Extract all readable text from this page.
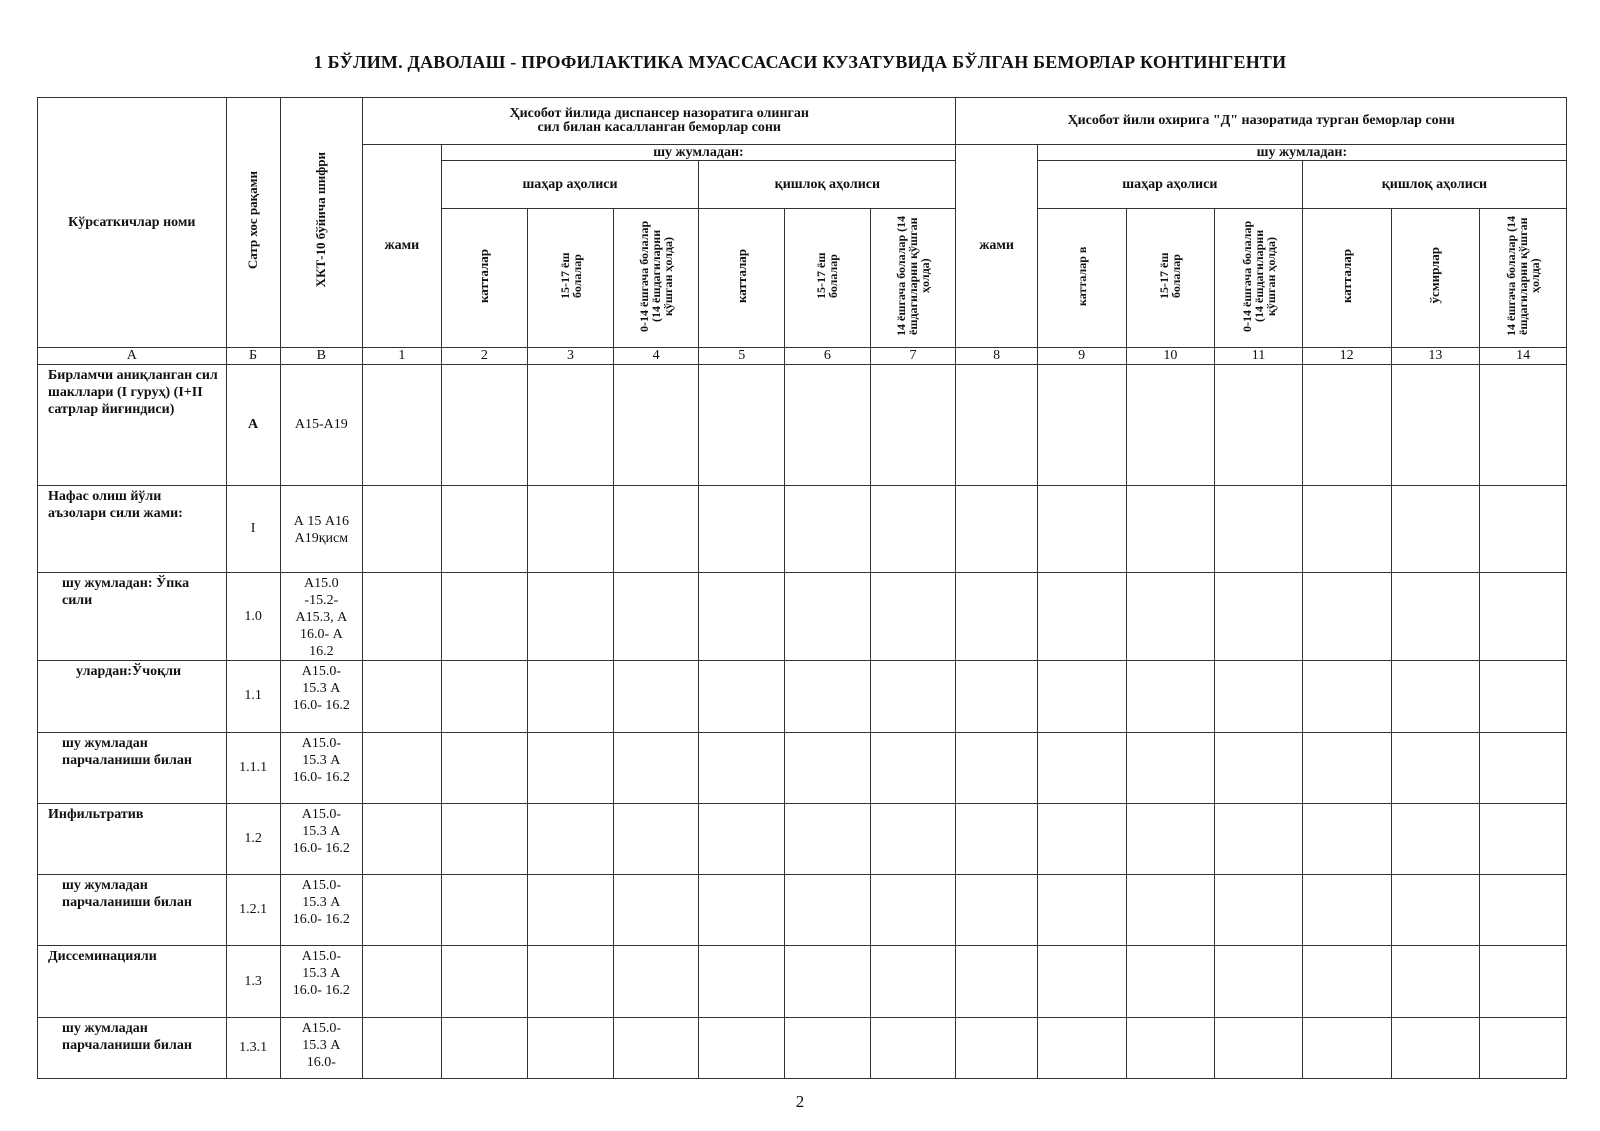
1 БЎЛИМ. ДАВОЛАШ - ПРОФИЛАКТИКА МУАССАСАСИ КУЗАТУВИДА БЎЛГАН БЕМОРЛАР КОНТИНГЕНТИ
Кўрсаткичлар номи	Сатр хос рақами	ХКТ-10 бўйича шифри	Ҳисобот йилида диспансер назоратига олинган сил билан касалланган беморлар сони							Ҳисобот йили охирига "Д" назоратида турган беморлар сони						
			жами	шу жумладан:						жами	шу жумладан:					
				шаҳар аҳолиси			қишлоқ аҳолиси				шаҳар аҳолиси			қишлоқ аҳолиси		
				катталар	15-17 ёш болалар	0-14 ёшгача болалар (14 ёшдагиларни қўшган ҳолда)	катталар	15-17 ёш болалар	14 ёшгача болалар (14 ёшдагиларни қўшган ҳолда)		катталар в	15-17 ёш болалар	0-14 ёшгача болалар (14 ёшдагиларни қўшган ҳолда)	катталар	ўсмирлар	14 ёшгача болалар (14 ёшдагиларни қўшган ҳолда)
А	Б	В	1	2	3	4	5	6	7	8	9	10	11	12	13	14
Бирламчи аниқланган сил шакллари (I гуруҳ) (I+II сатрлар йиғиндиси)	А	А15-А19														
Нафас олиш йўли аъзолари сили жами:	I	А 15 А16 А19қисм														
шу жумладан: Ўпка сили	1.0	А15.0 -15.2- А15.3, А 16.0- А 16.2														
улардан:Ўчоқли	1.1	А15.0- 15.3 А 16.0- 16.2														
шу жумладан парчаланиши билан	1.1.1	А15.0- 15.3 А 16.0- 16.2														
Инфильтратив	1.2	А15.0- 15.3 А 16.0- 16.2														
шу жумладан парчаланиши билан	1.2.1	А15.0- 15.3 А 16.0- 16.2														
Диссеминацияли	1.3	А15.0- 15.3 А 16.0- 16.2														
шу жумладан парчаланиши билан	1.3.1	А15.0- 15.3 А 16.0-														
2
